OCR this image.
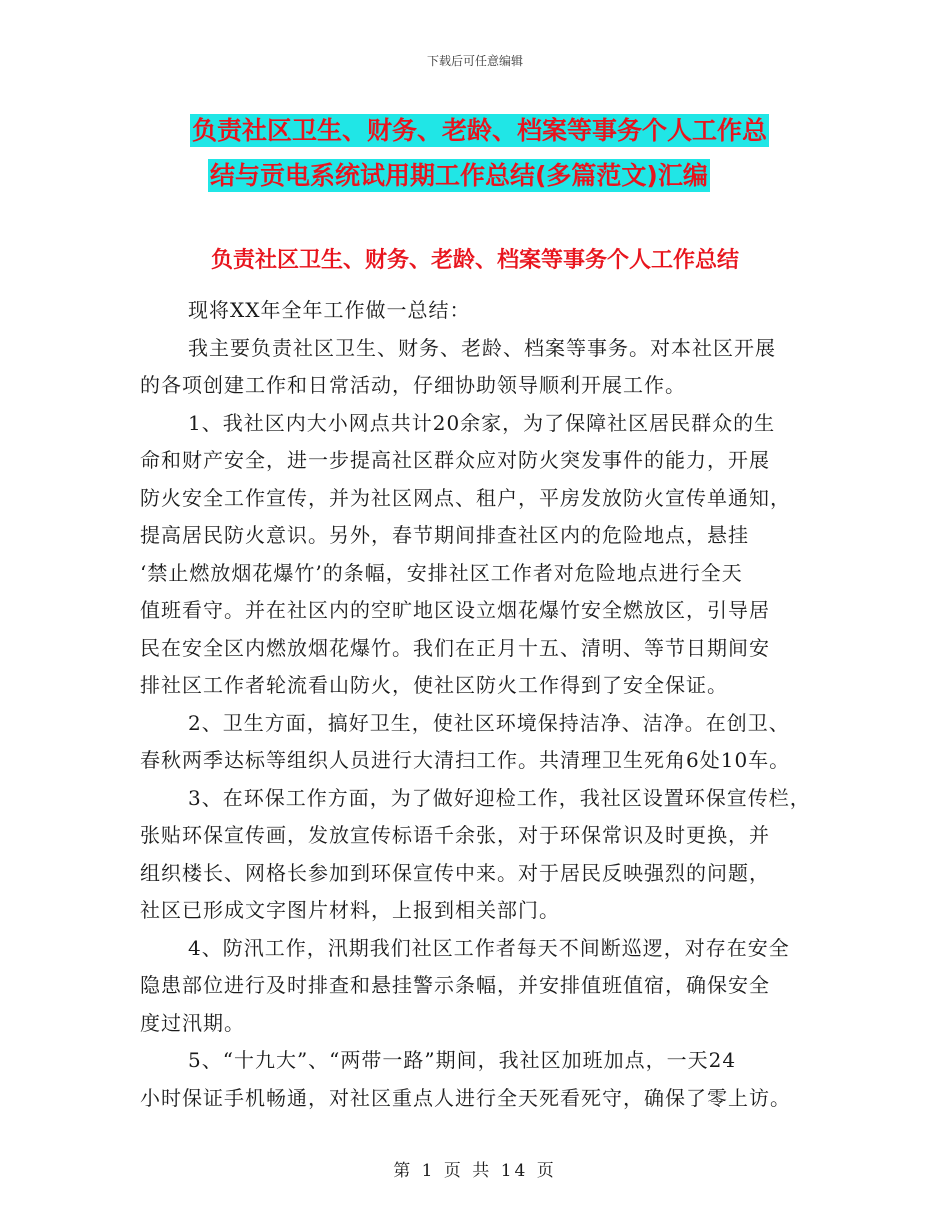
下载后可任意编辑
负责社区卫生、财务、老龄、档案等事务个人工作总
结与贡电系统试用期工作总结(多篇范文)汇编
负责社区卫生、财务、老龄、档案等事务个人工作总结
现将XX年全年工作做一总结：
我主要负责社区卫生、财务、老龄、档案等事务。对本社区开展
的各项创建工作和日常活动，仔细协助领导顺利开展工作。
1、我社区内大小网点共计20余家，为了保障社区居民群众的生
命和财产安全，进一步提高社区群众应对防火突发事件的能力，开展
防火安全工作宣传，并为社区网点、租户，平房发放防火宣传单通知，
提高居民防火意识。另外，春节期间排查社区内的危险地点，悬挂
‘禁止燃放烟花爆竹’的条幅，安排社区工作者对危险地点进行全天
值班看守。并在社区内的空旷地区设立烟花爆竹安全燃放区，引导居
民在安全区内燃放烟花爆竹。我们在正月十五、清明、等节日期间安
排社区工作者轮流看山防火，使社区防火工作得到了安全保证。
2、卫生方面，搞好卫生，使社区环境保持洁净、洁净。在创卫、
春秋两季达标等组织人员进行大清扫工作。共清理卫生死角6处10车。
3、在环保工作方面，为了做好迎检工作，我社区设置环保宣传栏，
张贴环保宣传画，发放宣传标语千余张，对于环保常识及时更换，并
组织楼长、网格长参加到环保宣传中来。对于居民反映强烈的问题，
社区已形成文字图片材料，上报到相关部门。
4、防汛工作，汛期我们社区工作者每天不间断巡逻，对存在安全
隐患部位进行及时排查和悬挂警示条幅，并安排值班值宿，确保安全
度过汛期。
5、“十九大”、“两带一路”期间，我社区加班加点，一天24
小时保证手机畅通，对社区重点人进行全天死看死守，确保了零上访。
第 1 页 共 14 页
